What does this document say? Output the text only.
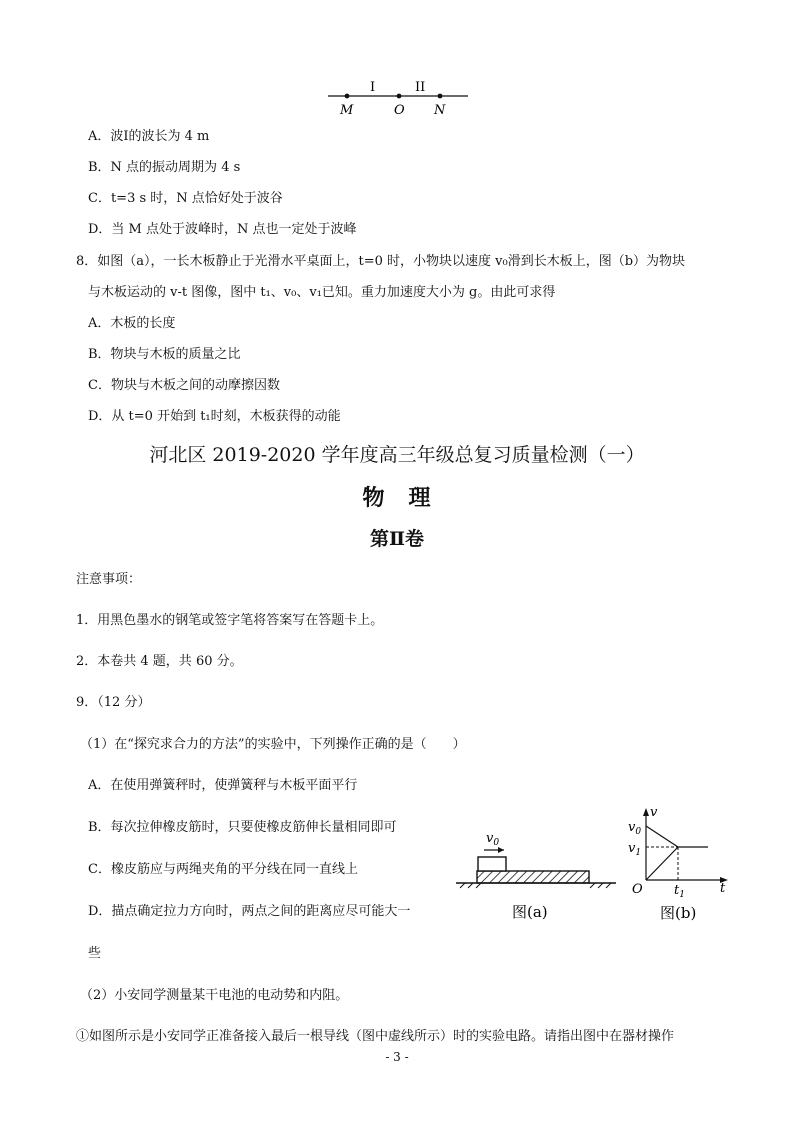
I	II
M	O N
A．波Ⅰ的波长为 4 m
B．N 点的振动周期为 4 s
C．t=3 s 时，N 点恰好处于波谷
D．当 M 点处于波峰时，N 点也一定处于波峰
8．如图（a），一长木板静止于光滑水平桌面上，t=0 时，小物块以速度 v₀滑到长木板上，图（b）为物块
与木板运动的 v-t 图像，图中 t₁、v₀、v₁已知。重力加速度大小为 g。由此可求得
A．木板的长度
B．物块与木板的质量之比
C．物块与木板之间的动摩擦因数
D．从 t=0 开始到 t₁时刻，木板获得的动能
河北区 2019-2020 学年度高三年级总复习质量检测（一）
物　理
第Ⅱ卷
注意事项：
1．用黑色墨水的钢笔或签字笔将答案写在答题卡上。
2．本卷共 4 题，共 60 分。
9．（12 分）
（1）在“探究求合力的方法”的实验中，下列操作正确的是（　　）
A．在使用弹簧秤时，使弹簧秤与木板平面平行
B．每次拉伸橡皮筋时，只要使橡皮筋伸长量相同即可
C．橡皮筋应与两绳夹角的平分线在同一直线上
D．描点确定拉力方向时，两点之间的距离应尽可能大一
些
（2）小安同学测量某干电池的电动势和内阻。
①如图所示是小安同学正准备接入最后一根导线（图中虚线所示）时的实验电路。请指出图中在器材操作
$v_0$
图(a)
v
t
O
$v_0$
$v_1$
$t_1$
图(b)
- 3 -
